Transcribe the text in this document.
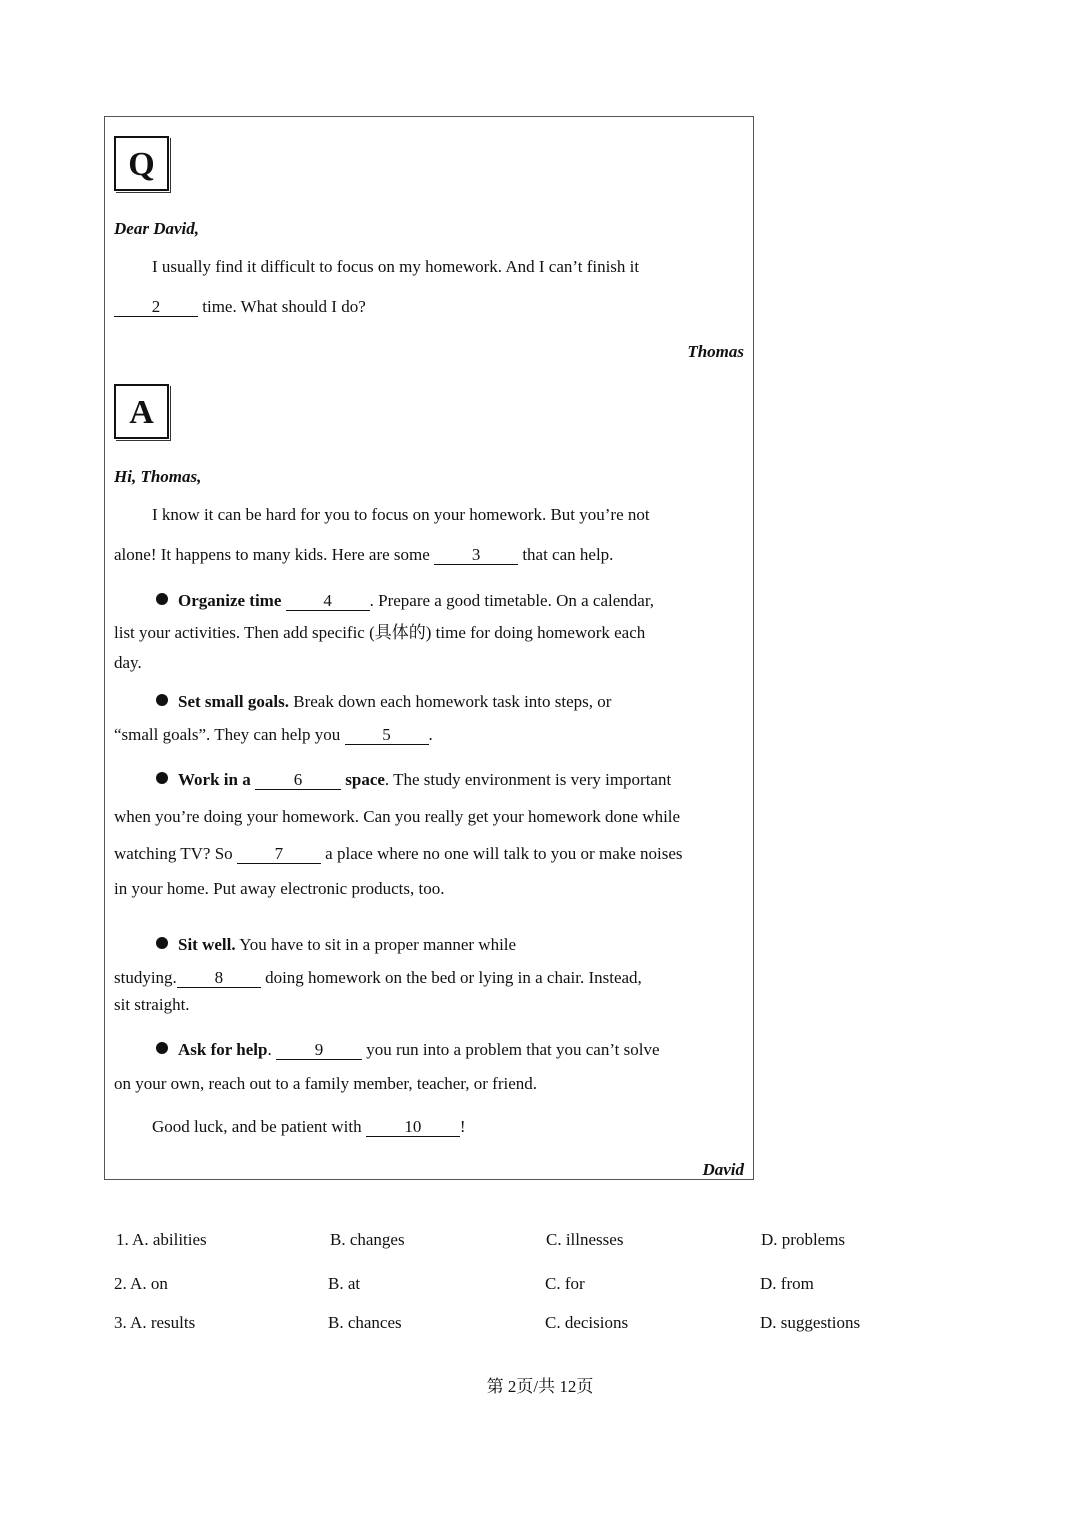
Q
Dear David,
I usually find it difficult to focus on my homework. And I can’t finish it
2 time. What should I do?
Thomas
A
Hi, Thomas,
I know it can be hard for you to focus on your homework. But you’re not
alone! It happens to many kids. Here are some 3 that can help.
Organize time 4 . Prepare a good timetable. On a calendar,
list your activities. Then add specific (具体的) time for doing homework each
day.
Set small goals. Break down each homework task into steps, or
“small goals”. They can help you 5 .
Work in a	6	space. The study environment is very important
when you’re doing your homework. Can you really get your homework done while
watching TV? So 7 a place where no one will talk to you or make noises
in your home. Put away electronic products, too.
Sit well. You have to sit in a proper manner while
studying. 8 doing homework on the bed or lying in a chair. Instead,
sit straight.
Ask for help.	9	you run into a problem that you can’t solve
on your own, reach out to a family member, teacher, or friend.
Good luck, and be patient with	10 !
David
1. A. abilities	B. changes	C. illnesses	D. problems
2. A. on	B. at	C. for	D. from
3. A. results	B. chances	C. decisions	D. suggestions
第 2页/共 12页
